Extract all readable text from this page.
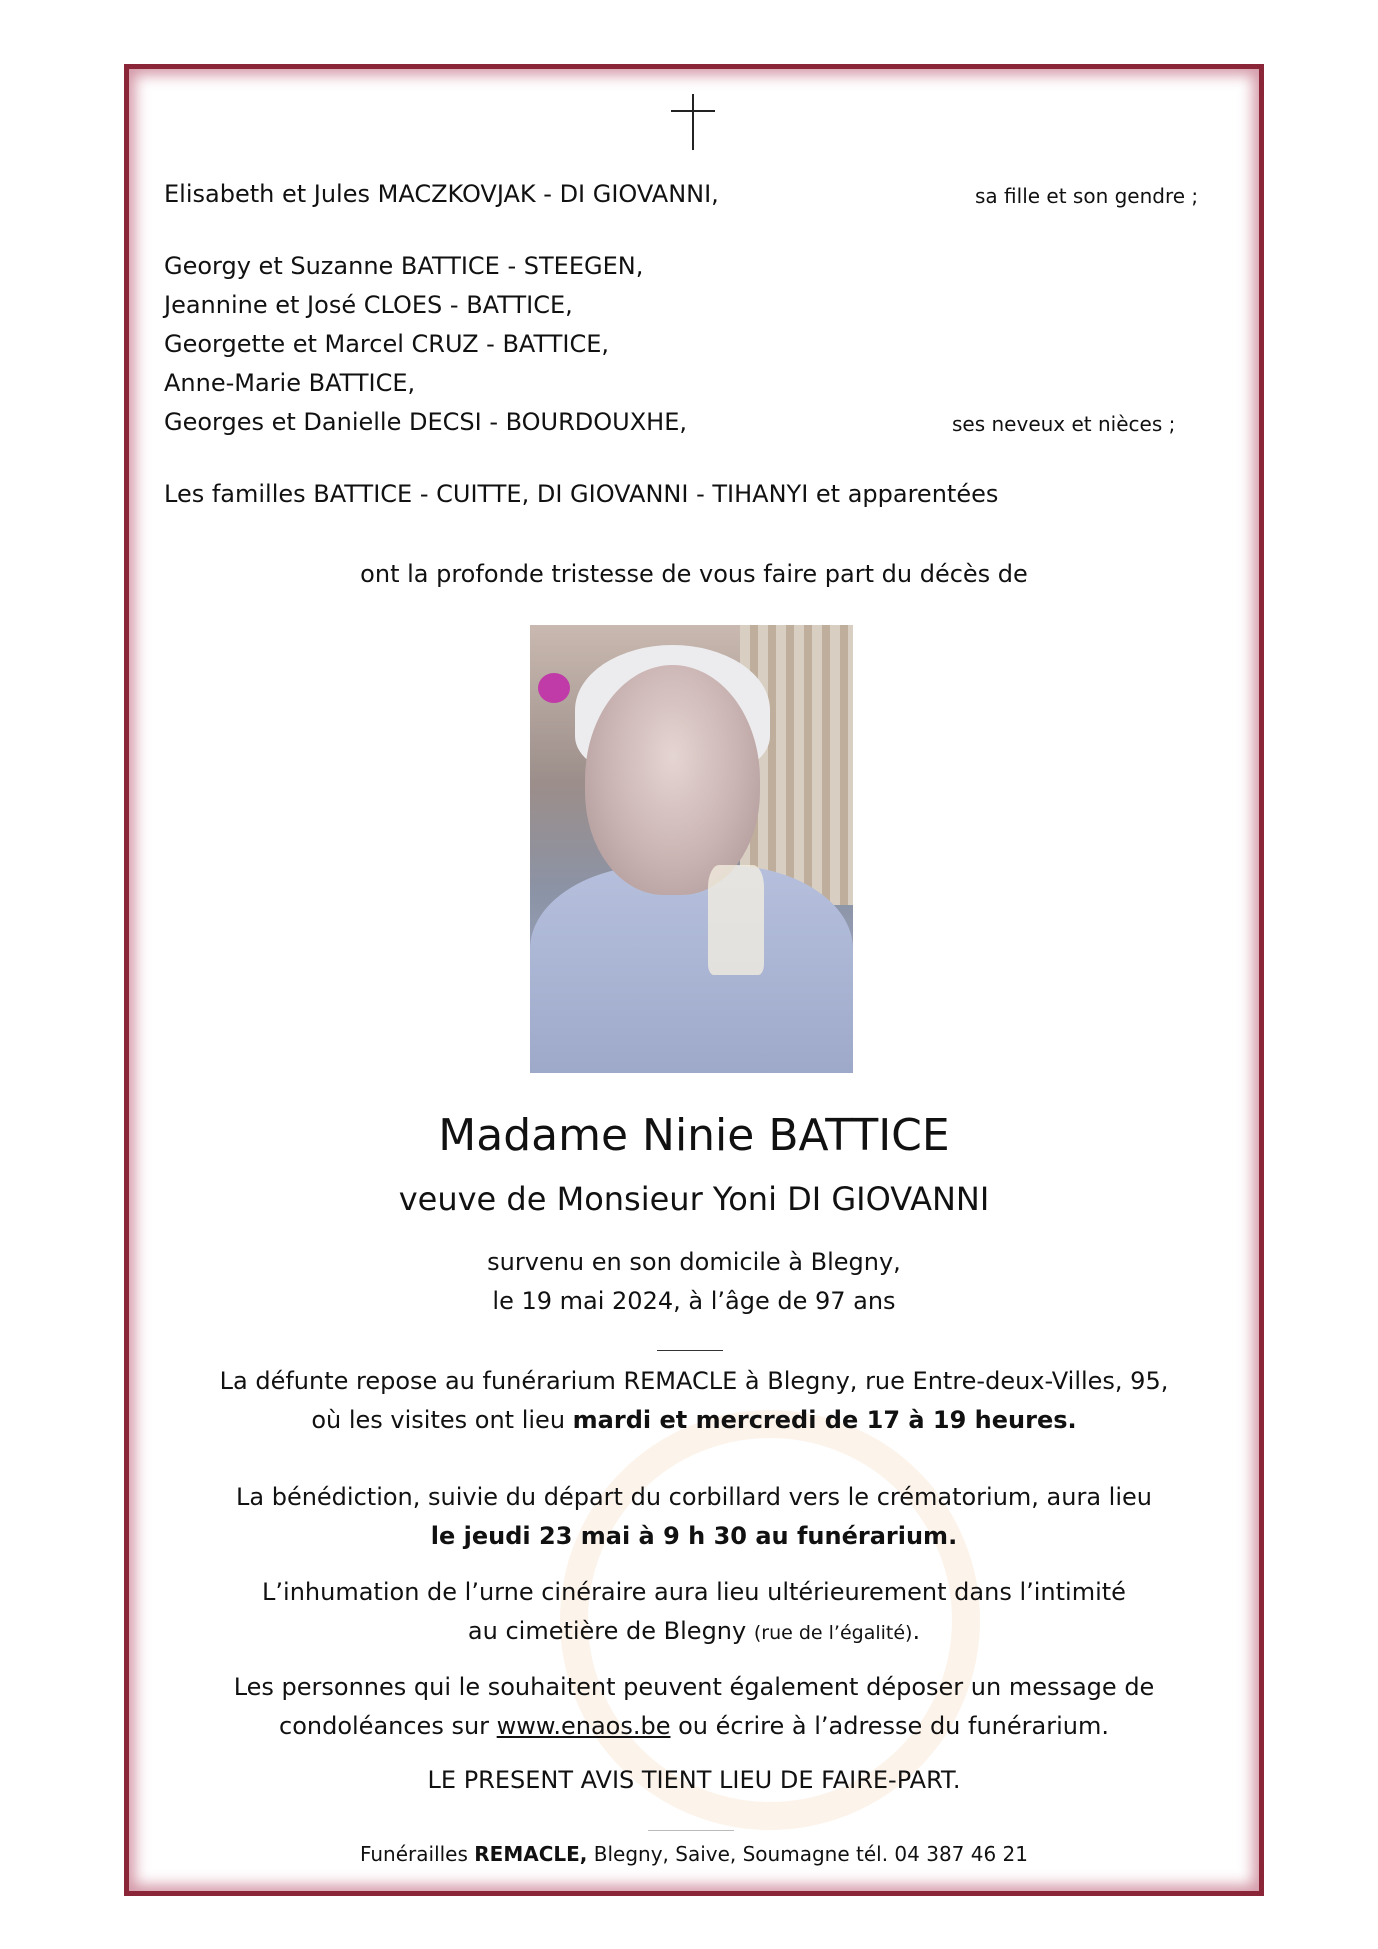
Elisabeth et Jules MACZKOVJAK - DI GIOVANNI,	sa fille et son gendre ;
Georgy et Suzanne BATTICE - STEEGEN,
Jeannine et José CLOES - BATTICE,
Georgette et Marcel CRUZ - BATTICE,
Anne-Marie BATTICE,
Georges et Danielle DECSI - BOURDOUXHE,	ses neveux et nièces ;
Les familles BATTICE - CUITTE, DI GIOVANNI - TIHANYI et apparentées
ont la profonde tristesse de vous faire part du décès de
Madame Ninie BATTICE
veuve de Monsieur Yoni DI GIOVANNI
survenu en son domicile à Blegny,
le 19 mai 2024, à l’âge de 97 ans
La défunte repose au funérarium REMACLE à Blegny, rue Entre-deux-Villes, 95,
où les visites ont lieu mardi et mercredi de 17 à 19 heures.
La bénédiction, suivie du départ du corbillard vers le crématorium, aura lieu
le jeudi 23 mai à 9 h 30 au funérarium.
L’inhumation de l’urne cinéraire aura lieu ultérieurement dans l’intimité
au cimetière de Blegny (rue de l’égalité).
Les personnes qui le souhaitent peuvent également déposer un message de
condoléances sur www.enaos.be ou écrire à l’adresse du funérarium.
LE PRESENT AVIS TIENT LIEU DE FAIRE-PART.
Funérailles REMACLE, Blegny, Saive, Soumagne tél. 04 387 46 21
